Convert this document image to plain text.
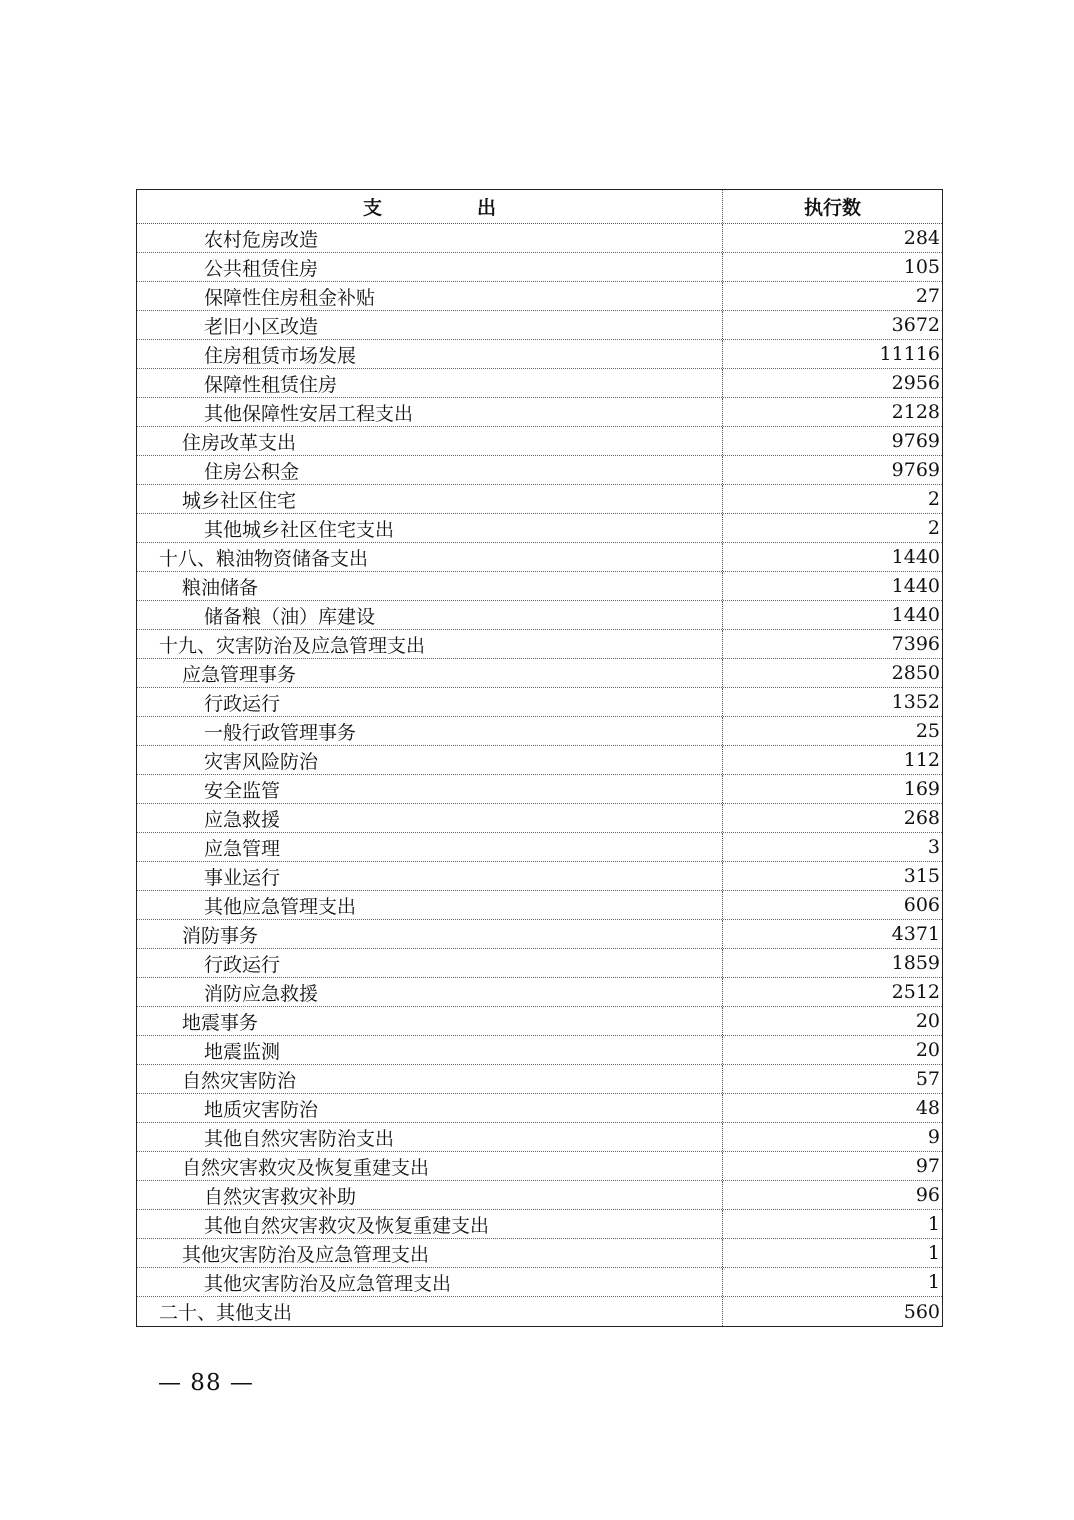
支　　　　　出	执行数
农村危房改造	284
公共租赁住房	105
保障性住房租金补贴	27
老旧小区改造	3672
住房租赁市场发展	11116
保障性租赁住房	2956
其他保障性安居工程支出	2128
住房改革支出	9769
住房公积金	9769
城乡社区住宅	2
其他城乡社区住宅支出	2
十八、粮油物资储备支出	1440
粮油储备	1440
储备粮（油）库建设	1440
十九、灾害防治及应急管理支出	7396
应急管理事务	2850
行政运行	1352
一般行政管理事务	25
灾害风险防治	112
安全监管	169
应急救援	268
应急管理	3
事业运行	315
其他应急管理支出	606
消防事务	4371
行政运行	1859
消防应急救援	2512
地震事务	20
地震监测	20
自然灾害防治	57
地质灾害防治	48
其他自然灾害防治支出	9
自然灾害救灾及恢复重建支出	97
自然灾害救灾补助	96
其他自然灾害救灾及恢复重建支出	1
其他灾害防治及应急管理支出	1
其他灾害防治及应急管理支出	1
二十、其他支出	560
— 88 —
